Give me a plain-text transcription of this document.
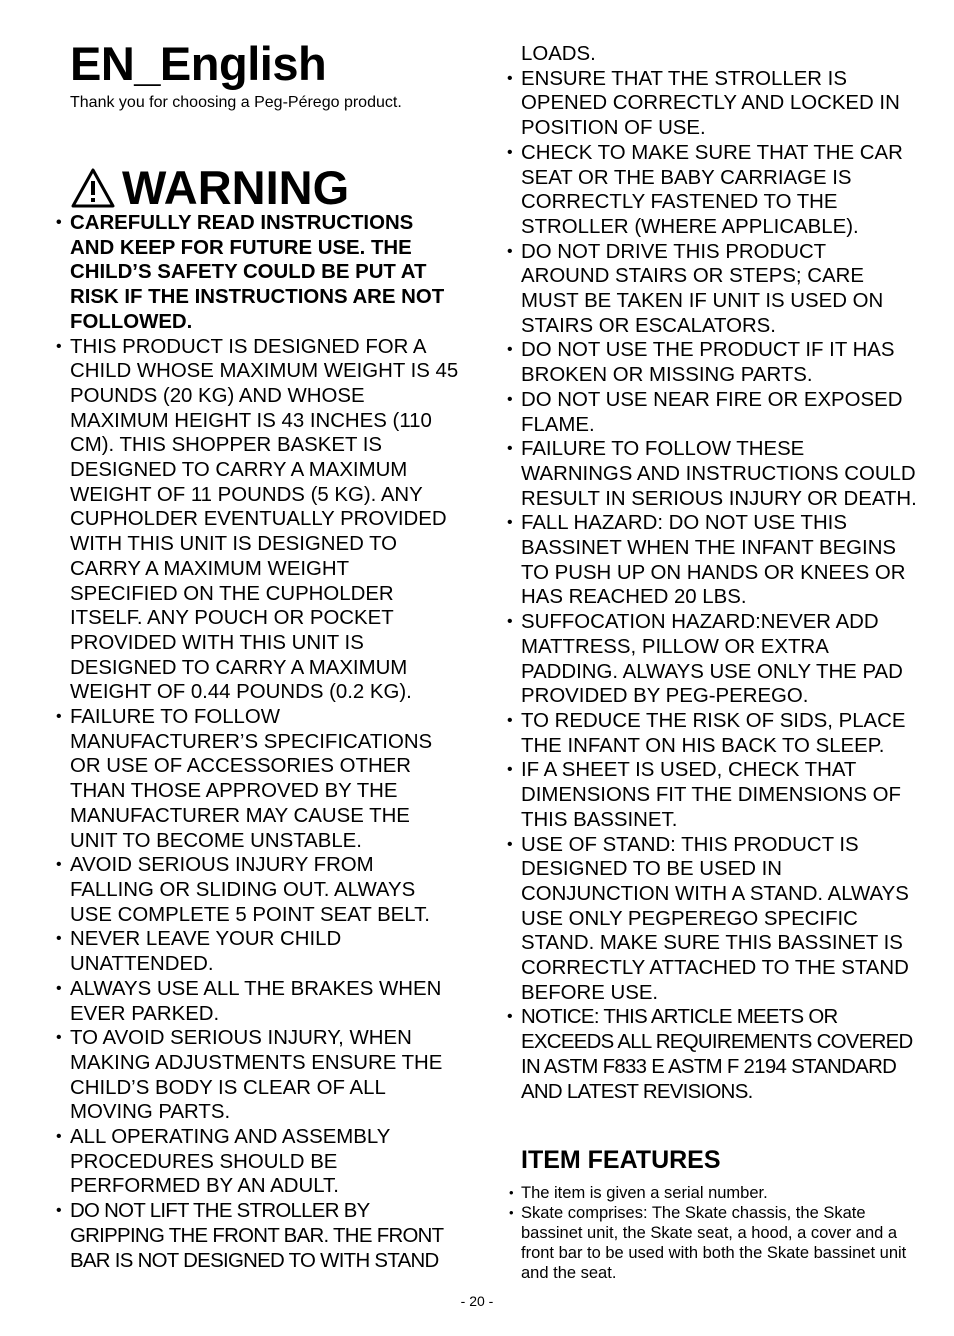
EN_English

Thank you for choosing a Peg-Pérego product.

WARNING
• CAREFULLY READ INSTRUCTIONS AND KEEP FOR FUTURE USE. THE CHILD’S SAFETY COULD BE PUT AT RISK IF THE INSTRUCTIONS ARE NOT FOLLOWED.
• THIS PRODUCT IS DESIGNED FOR A CHILD WHOSE MAXIMUM WEIGHT IS 45 POUNDS (20 KG) AND WHOSE MAXIMUM HEIGHT IS 43 INCHES (110 CM). THIS SHOPPER BASKET IS DESIGNED TO CARRY A MAXIMUM WEIGHT OF 11 POUNDS (5 KG). ANY CUPHOLDER EVENTUALLY PROVIDED WITH THIS UNIT IS DESIGNED TO CARRY A MAXIMUM WEIGHT SPECIFIED ON THE CUPHOLDER ITSELF. ANY POUCH OR POCKET PROVIDED WITH THIS UNIT IS DESIGNED TO CARRY A MAXIMUM WEIGHT OF 0.44 POUNDS (0.2 KG).
• FAILURE TO FOLLOW MANUFACTURER’S SPECIFICATIONS OR USE OF ACCESSORIES OTHER THAN THOSE APPROVED BY THE MANUFACTURER MAY CAUSE THE UNIT TO BECOME UNSTABLE.
• AVOID SERIOUS INJURY FROM FALLING OR SLIDING OUT. ALWAYS USE COMPLETE 5 POINT SEAT BELT.
• NEVER LEAVE YOUR CHILD UNATTENDED.
• ALWAYS USE ALL THE BRAKES WHEN EVER PARKED.
• TO AVOID SERIOUS INJURY, WHEN MAKING ADJUSTMENTS ENSURE THE CHILD’S BODY IS CLEAR OF ALL MOVING PARTS.
• ALL OPERATING AND ASSEMBLY PROCEDURES SHOULD BE PERFORMED BY AN ADULT.
• DO NOT LIFT THE STROLLER BY GRIPPING THE FRONT BAR. THE FRONT BAR IS NOT DESIGNED TO WITH STAND
LOADS.
• ENSURE THAT THE STROLLER IS OPENED CORRECTLY AND LOCKED IN POSITION OF USE.
• CHECK TO MAKE SURE THAT THE CAR SEAT OR THE BABY CARRIAGE IS CORRECTLY FASTENED TO THE STROLLER (WHERE APPLICABLE).
• DO NOT DRIVE THIS PRODUCT AROUND STAIRS OR STEPS; CARE MUST BE TAKEN IF UNIT IS USED ON STAIRS OR ESCALATORS.
• DO NOT USE THE PRODUCT IF IT HAS BROKEN OR MISSING PARTS.
• DO NOT USE NEAR FIRE OR EXPOSED FLAME.
• FAILURE TO FOLLOW THESE WARNINGS AND INSTRUCTIONS COULD RESULT IN SERIOUS INJURY OR DEATH.
• FALL HAZARD: DO NOT USE THIS BASSINET WHEN THE INFANT BEGINS TO PUSH UP ON HANDS OR KNEES OR HAS REACHED 20 LBS.
• SUFFOCATION HAZARD:NEVER ADD MATTRESS, PILLOW OR EXTRA PADDING. ALWAYS USE ONLY THE PAD PROVIDED BY PEG-PEREGO.
• TO REDUCE THE RISK OF SIDS, PLACE THE INFANT ON HIS BACK TO SLEEP.
• IF A SHEET IS USED, CHECK THAT DIMENSIONS FIT THE DIMENSIONS OF THIS BASSINET.
• USE OF STAND: THIS PRODUCT IS DESIGNED TO BE USED IN CONJUNCTION WITH A STAND. ALWAYS USE ONLY PEGPEREGO SPECIFIC STAND. MAKE SURE THIS BASSINET IS CORRECTLY ATTACHED TO THE STAND BEFORE USE.
• NOTICE: THIS ARTICLE MEETS OR EXCEEDS ALL REQUIREMENTS COVERED IN ASTM F833 E ASTM F 2194 STANDARD AND LATEST REVISIONS.
ITEM FEATURES
• The item is given a serial number.
• Skate comprises: The Skate chassis, the Skate bassinet unit, the Skate seat, a hood, a cover and a front bar to be used with both the Skate bassinet unit and the seat.
- 20 -
